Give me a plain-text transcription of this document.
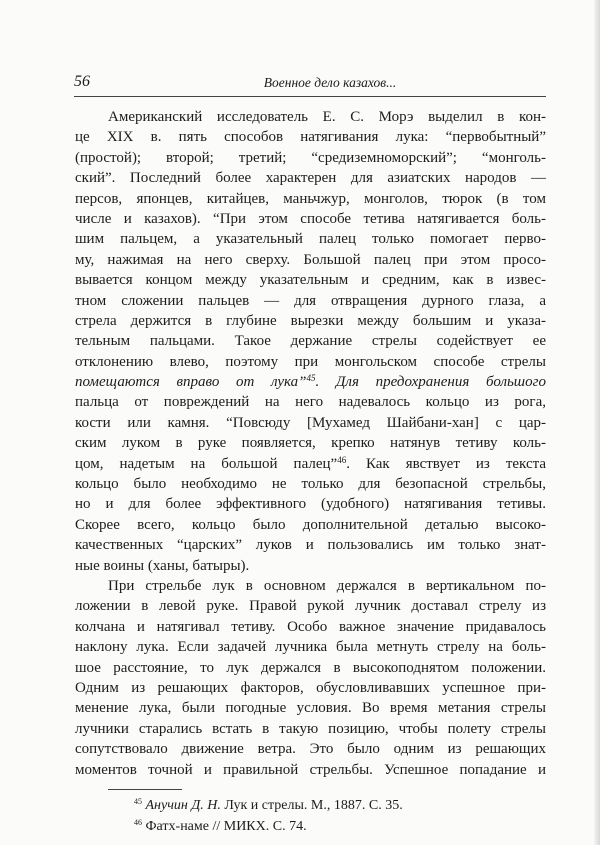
56	Военное дело казахов...
Американский исследователь Е. С. Морэ выделил в кон-
це XIX в. пять способов натягивания лука: “первобытный”
(простой); второй; третий; “средиземноморский”; “монголь-
ский”. Последний более характерен для азиатских народов —
персов, японцев, китайцев, маньчжур, монголов, тюрок (в том
числе и казахов). “При этом способе тетива натягивается боль-
шим пальцем, а указательный палец только помогает перво-
му, нажимая на него сверху. Большой палец при этом просо-
вывается концом между указательным и средним, как в извес-
тном сложении пальцев — для отвращения дурного глаза, а
стрела держится в глубине вырезки между большим и указа-
тельным пальцами. Такое держание стрелы содействует ее
отклонению влево, поэтому при монгольском способе стрелы
помещаются вправо от лука”$^{45}$. Для предохранения большого
пальца от повреждений на него надевалось кольцо из рога,
кости или камня. “Повсюду [Мухамед Шайбани-хан] с цар-
ским луком в руке появляется, крепко натянув тетиву коль-
цом, надетым на большой палец”$^{46}$. Как явствует из текста
кольцо было необходимо не только для безопасной стрельбы,
но и для более эффективного (удобного) натягивания тетивы.
Скорее всего, кольцо было дополнительной деталью высоко-
качественных “царских” луков и пользовались им только знат-
ные воины (ханы, батыры).
При стрельбе лук в основном держался в вертикальном по-
ложении в левой руке. Правой рукой лучник доставал стрелу из
колчана и натягивал тетиву. Особо важное значение придавалось
наклону лука. Если задачей лучника была метнуть стрелу на боль-
шое расстояние, то лук держался в высокоподнятом положении.
Одним из решающих факторов, обусловливавших успешное при-
менение лука, были погодные условия. Во время метания стрелы
лучники старались встать в такую позицию, чтобы полету стрелы
сопутствовало движение ветра. Это было одним из решающих
моментов точной и правильной стрельбы. Успешное попадание и
$^{45}$ Анучин Д. Н. Лук и стрелы. М., 1887. С. 35.
$^{46}$ Фатх-наме // МИКХ. С. 74.
